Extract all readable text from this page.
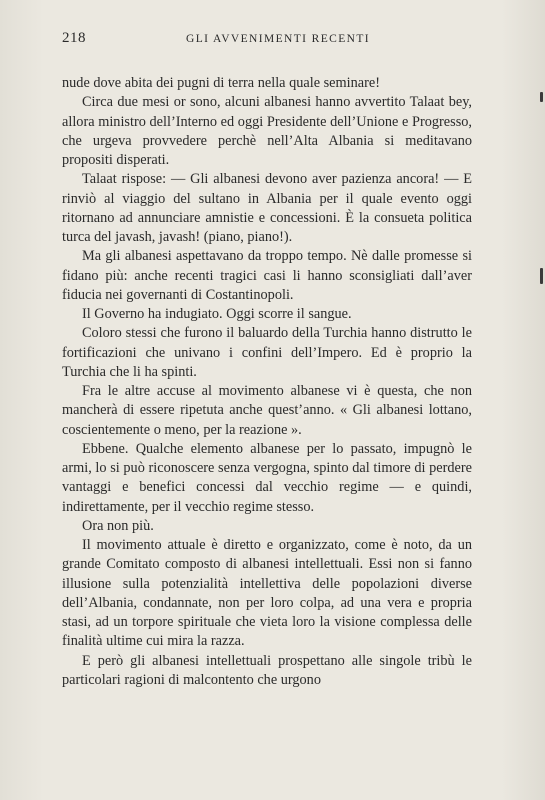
218	GLI AVVENIMENTI RECENTI

nude dove abita dei pugni di terra nella quale seminare!

Circa due mesi or sono, alcuni albanesi hanno avvertito Talaat bey, allora ministro dell’Interno ed oggi Presidente dell’Unione e Progresso, che urgeva provvedere perchè nell’Alta Albania si meditavano propositi disperati.

Talaat rispose: — Gli albanesi devono aver pazienza ancora! — E rinviò al viaggio del sultano in Albania per il quale evento oggi ritornano ad annunciare amnistie e concessioni. È la consueta politica turca del javash, javash! (piano, piano!).

Ma gli albanesi aspettavano da troppo tempo. Nè dalle promesse si fidano più: anche recenti tragici casi li hanno sconsigliati dall’aver fiducia nei governanti di Costantinopoli.

Il Governo ha indugiato. Oggi scorre il sangue.

Coloro stessi che furono il baluardo della Turchia hanno distrutto le fortificazioni che univano i confini dell’Impero. Ed è proprio la Turchia che li ha spinti.

Fra le altre accuse al movimento albanese vi è questa, che non mancherà di essere ripetuta anche quest’anno. « Gli albanesi lottano, coscientemente o meno, per la reazione ».

Ebbene. Qualche elemento albanese per lo passato, impugnò le armi, lo si può riconoscere senza vergogna, spinto dal timore di perdere vantaggi e benefici concessi dal vecchio regime — e quindi, indirettamente, per il vecchio regime stesso.

Ora non più.

Il movimento attuale è diretto e organizzato, come è noto, da un grande Comitato composto di albanesi intellettuali. Essi non si fanno illusione sulla potenzialità intellettiva delle popolazioni diverse dell’Albania, condannate, non per loro colpa, ad una vera e propria stasi, ad un torpore spirituale che vieta loro la visione complessa delle finalità ultime cui mira la razza.

E però gli albanesi intellettuali prospettano alle singole tribù le particolari ragioni di malcontento che urgono
